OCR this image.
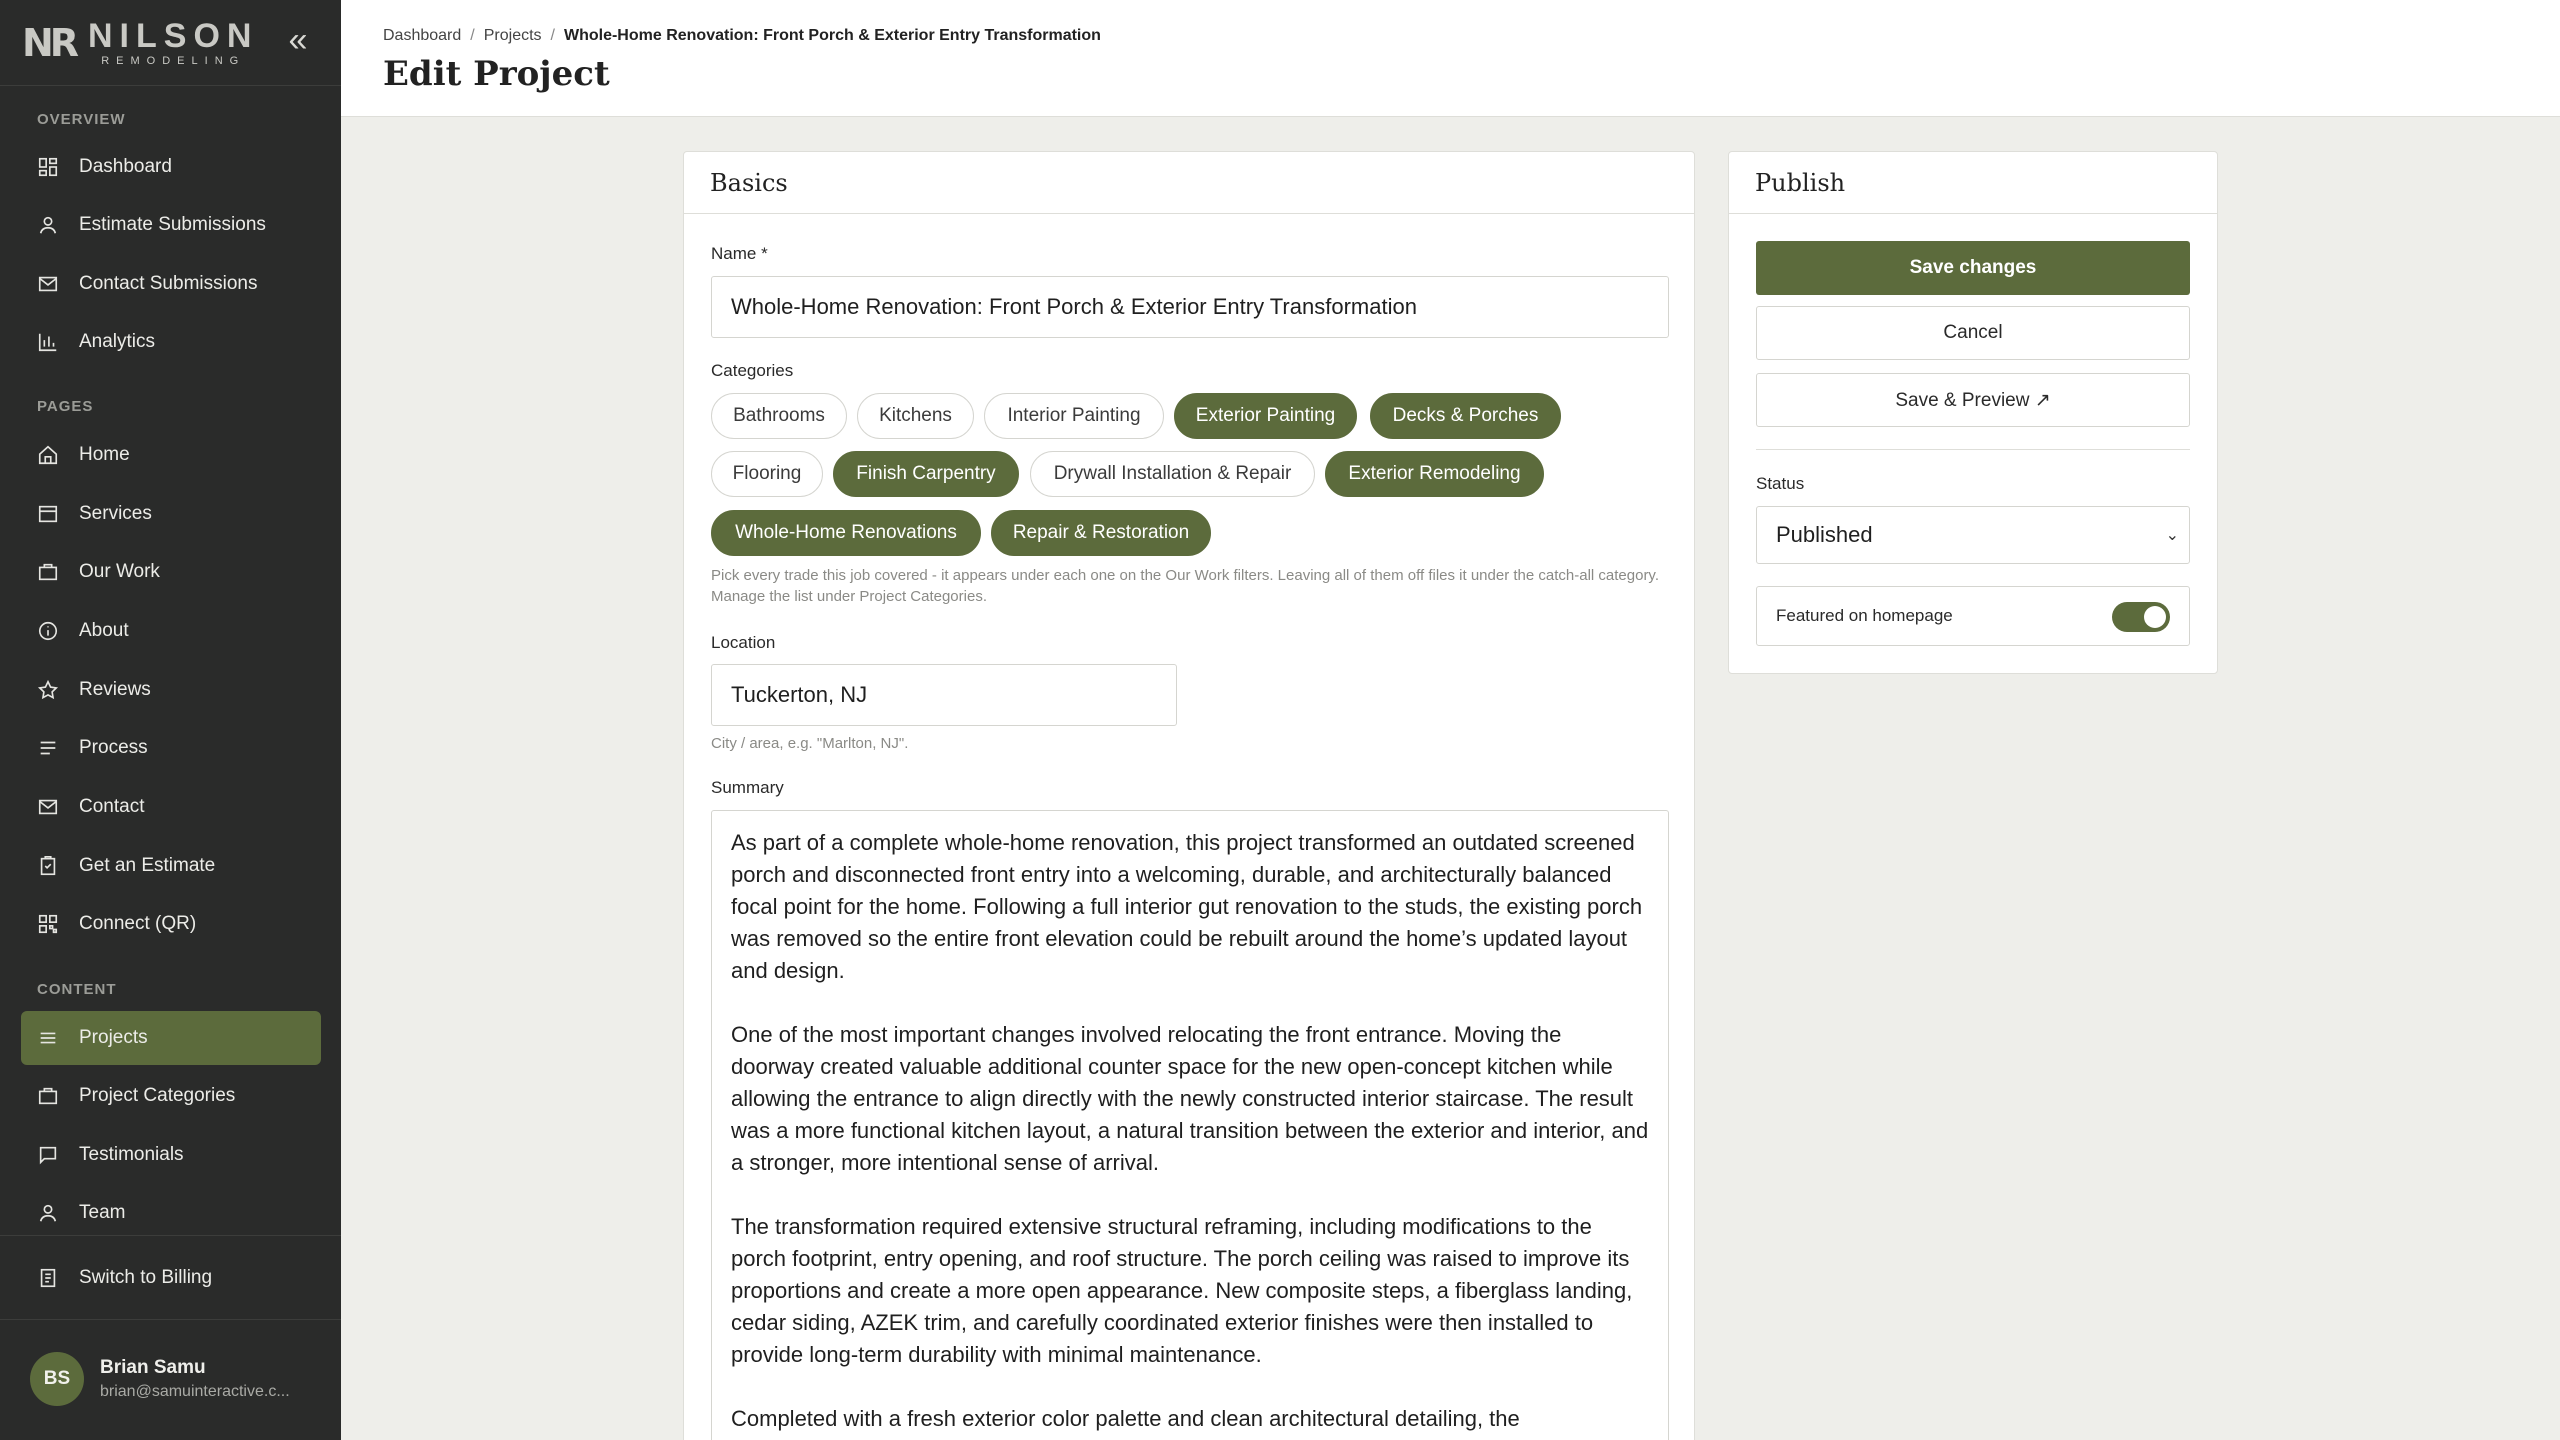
NR NILSON
REMODELING
«
OVERVIEW
Dashboard
Estimate Submissions
Contact Submissions
Analytics
PAGES
Home
Services
Our Work
About
Reviews
Process
Contact
Get an Estimate
Connect (QR)
CONTENT
Projects
Project Categories
Testimonials
Team
Switch to Billing
BS
Brian Samu
brian@samuinteractive.c...
Dashboard / Projects / Whole-Home Renovation: Front Porch & Exterior Entry Transformation
Edit Project
Basics
Name *
Whole-Home Renovation: Front Porch & Exterior Entry Transformation
Categories
Bathrooms	Kitchens	Interior Painting	Exterior Painting	Decks & Porches
Flooring	Finish Carpentry	Drywall Installation & Repair	Exterior Remodeling
Whole-Home Renovations	Repair & Restoration
Pick every trade this job covered - it appears under each one on the Our Work filters. Leaving all of them off files it under the catch-all category. Manage the list under Project Categories.
Location
Tuckerton, NJ
City / area, e.g. "Marlton, NJ".
Summary
As part of a complete whole-home renovation, this project transformed an outdated screened porch and disconnected front entry into a welcoming, durable, and architecturally balanced focal point for the home. Following a full interior gut renovation to the studs, the existing porch was removed so the entire front elevation could be rebuilt around the home’s updated layout and design.

One of the most important changes involved relocating the front entrance. Moving the doorway created valuable additional counter space for the new open-concept kitchen while allowing the entrance to align directly with the newly constructed interior staircase. The result was a more functional kitchen layout, a natural transition between the exterior and interior, and a stronger, more intentional sense of arrival.

The transformation required extensive structural reframing, including modifications to the porch footprint, entry opening, and roof structure. The porch ceiling was raised to improve its proportions and create a more open appearance. New composite steps, a fiberglass landing, cedar siding, AZEK trim, and carefully coordinated exterior finishes were then installed to provide long-term durability with minimal maintenance.

Completed with a fresh exterior color palette and clean architectural detailing, the
Publish
Save changes
Cancel
Save & Preview ↗
Status
Published	⌄
Featured on homepage
